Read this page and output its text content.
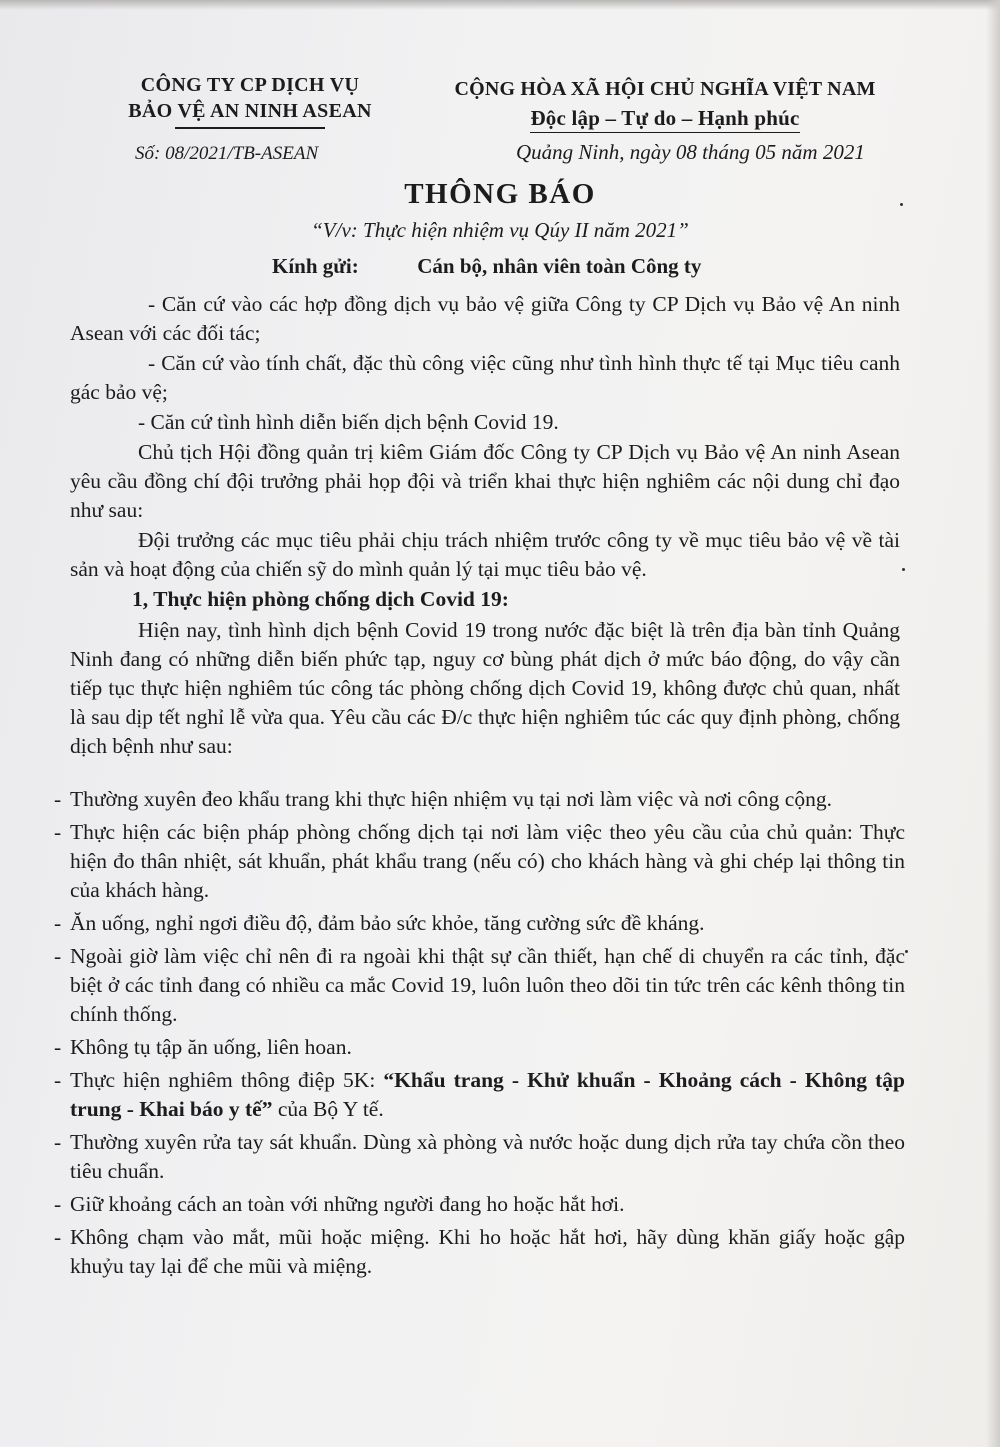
CÔNG TY CP DỊCH VỤ
BẢO VỆ AN NINH ASEAN
CỘNG HÒA XÃ HỘI CHỦ NGHĨA VIỆT NAM
Độc lập – Tự do – Hạnh phúc
Số: 08/2021/TB-ASEAN	Quảng Ninh, ngày 08 tháng 05 năm 2021
THÔNG BÁO
“V/v: Thực hiện nhiệm vụ Qúy II năm 2021”
Kính gửi:	Cán bộ, nhân viên toàn Công ty

- Căn cứ vào các hợp đồng dịch vụ bảo vệ giữa Công ty CP Dịch vụ Bảo vệ An ninh Asean với các đối tác;

- Căn cứ vào tính chất, đặc thù công việc cũng như tình hình thực tế tại Mục tiêu canh gác bảo vệ;

- Căn cứ tình hình diễn biến dịch bệnh Covid 19.

Chủ tịch Hội đồng quản trị kiêm Giám đốc Công ty CP Dịch vụ Bảo vệ An ninh Asean yêu cầu đồng chí đội trưởng phải họp đội và triển khai thực hiện nghiêm các nội dung chỉ đạo như sau:

Đội trưởng các mục tiêu phải chịu trách nhiệm trước công ty về mục tiêu bảo vệ về tài sản và hoạt động của chiến sỹ do mình quản lý tại mục tiêu bảo vệ.

1, Thực hiện phòng chống dịch Covid 19:

Hiện nay, tình hình dịch bệnh Covid 19 trong nước đặc biệt là trên địa bàn tỉnh Quảng Ninh đang có những diễn biến phức tạp, nguy cơ bùng phát dịch ở mức báo động, do vậy cần tiếp tục thực hiện nghiêm túc công tác phòng chống dịch Covid 19, không được chủ quan, nhất là sau dịp tết nghỉ lễ vừa qua. Yêu cầu các Đ/c thực hiện nghiêm túc các quy định phòng, chống dịch bệnh như sau:

- Thường xuyên đeo khẩu trang khi thực hiện nhiệm vụ tại nơi làm việc và nơi công cộng.
- Thực hiện các biện pháp phòng chống dịch tại nơi làm việc theo yêu cầu của chủ quản: Thực hiện đo thân nhiệt, sát khuẩn, phát khẩu trang (nếu có) cho khách hàng và ghi chép lại thông tin của khách hàng.
- Ăn uống, nghỉ ngơi điều độ, đảm bảo sức khỏe, tăng cường sức đề kháng.
- Ngoài giờ làm việc chỉ nên đi ra ngoài khi thật sự cần thiết, hạn chế di chuyển ra các tỉnh, đặc biệt ở các tỉnh đang có nhiều ca mắc Covid 19, luôn luôn theo dõi tin tức trên các kênh thông tin chính thống.
- Không tụ tập ăn uống, liên hoan.
- Thực hiện nghiêm thông điệp 5K: “Khẩu trang - Khử khuẩn - Khoảng cách - Không tập trung - Khai báo y tế” của Bộ Y tế.
- Thường xuyên rửa tay sát khuẩn. Dùng xà phòng và nước hoặc dung dịch rửa tay chứa cồn theo tiêu chuẩn.
- Giữ khoảng cách an toàn với những người đang ho hoặc hắt hơi.
- Không chạm vào mắt, mũi hoặc miệng. Khi ho hoặc hắt hơi, hãy dùng khăn giấy hoặc gập khuỷu tay lại để che mũi và miệng.
